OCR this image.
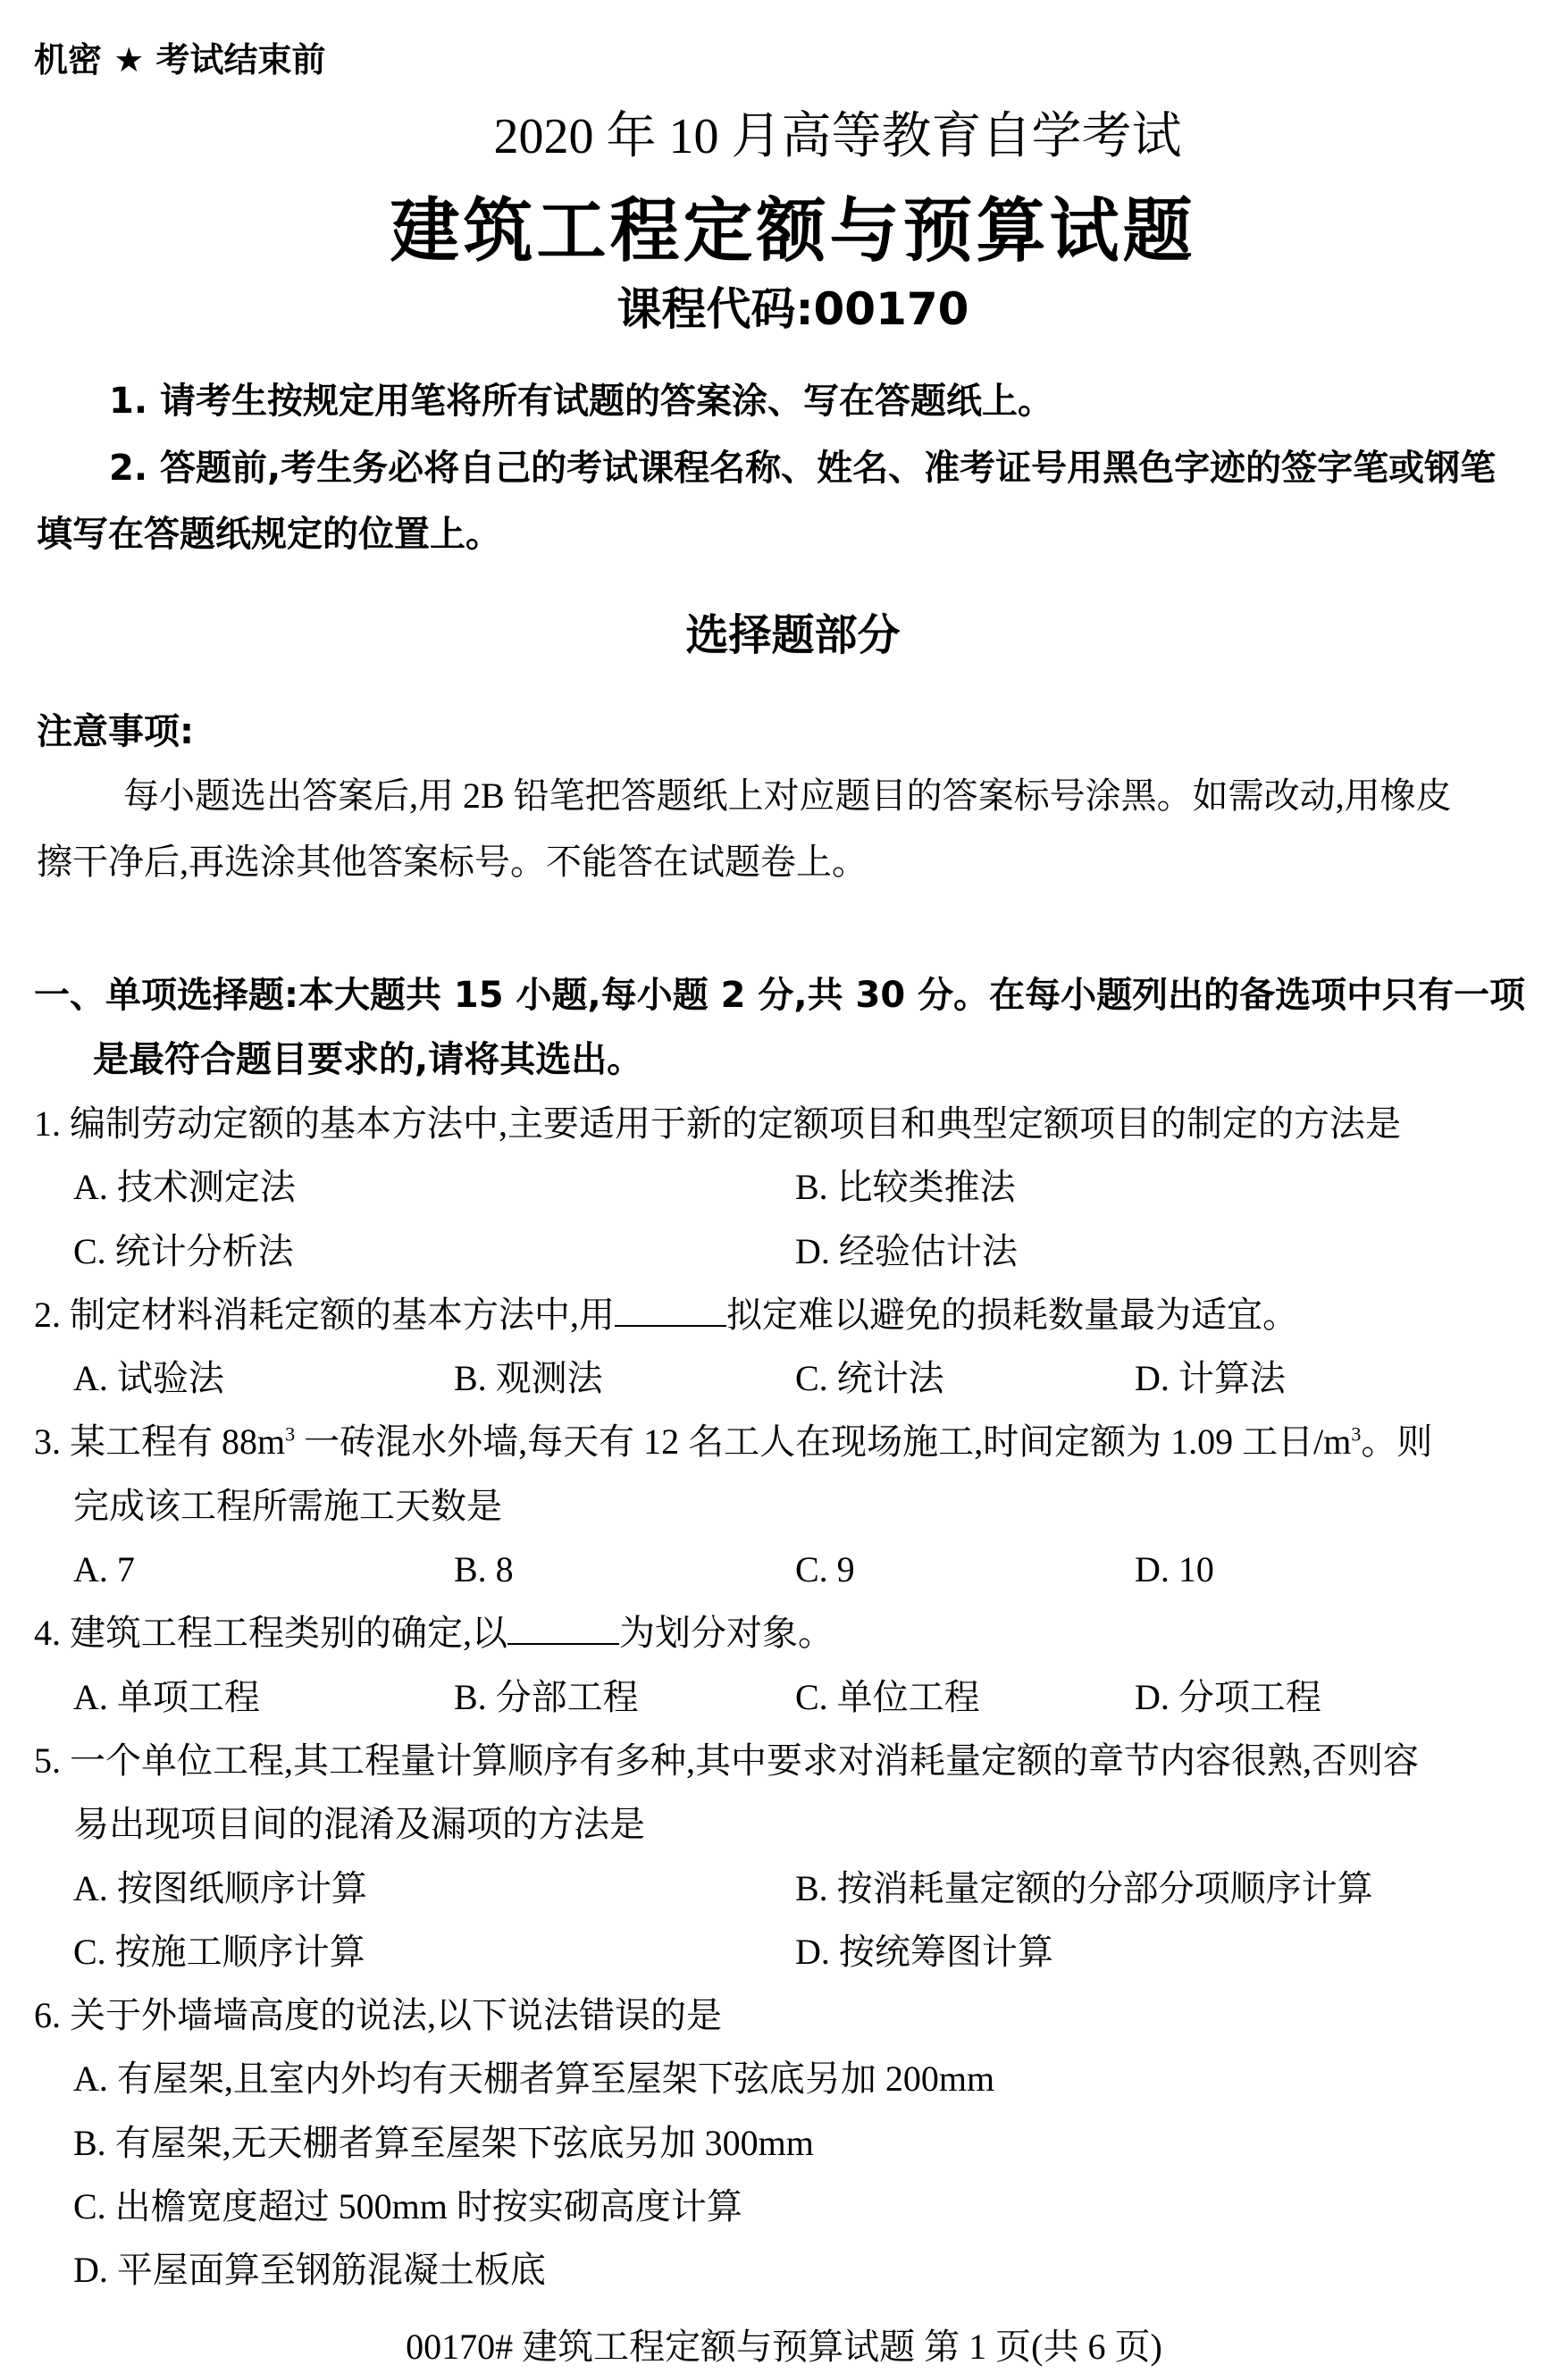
机密 ★ 考试结束前
2020 年 10 月高等教育自学考试
建筑工程定额与预算试题
课程代码:00170
1. 请考生按规定用笔将所有试题的答案涂、写在答题纸上。
2. 答题前,考生务必将自己的考试课程名称、姓名、准考证号用黑色字迹的签字笔或钢笔
填写在答题纸规定的位置上。
选择题部分
注意事项:
每小题选出答案后,用 2B 铅笔把答题纸上对应题目的答案标号涂黑。如需改动,用橡皮
擦干净后,再选涂其他答案标号。不能答在试题卷上。
一、单项选择题:本大题共 15 小题,每小题 2 分,共 30 分。在每小题列出的备选项中只有一项
是最符合题目要求的,请将其选出。
1. 编制劳动定额的基本方法中,主要适用于新的定额项目和典型定额项目的制定的方法是
A. 技术测定法	B. 比较类推法
C. 统计分析法	D. 经验估计法
2. 制定材料消耗定额的基本方法中,用	拟定难以避免的损耗数量最为适宜。
A. 试验法	B. 观测法	C. 统计法	D. 计算法
3. 某工程有 $88m^3$ 一砖混水外墙,每天有 12 名工人在现场施工,时间定额为 1.09 工日$/m^3$。则
完成该工程所需施工天数是
A. 7	B. 8	C. 9	D. 10
4. 建筑工程工程类别的确定,以	为划分对象。
A. 单项工程	B. 分部工程	C. 单位工程	D. 分项工程
5. 一个单位工程,其工程量计算顺序有多种,其中要求对消耗量定额的章节内容很熟,否则容
易出现项目间的混淆及漏项的方法是
A. 按图纸顺序计算	B. 按消耗量定额的分部分项顺序计算
C. 按施工顺序计算	D. 按统筹图计算
6. 关于外墙墙高度的说法,以下说法错误的是
A. 有屋架,且室内外均有天棚者算至屋架下弦底另加 200mm
B. 有屋架,无天棚者算至屋架下弦底另加 300mm
C. 出檐宽度超过 500mm 时按实砌高度计算
D. 平屋面算至钢筋混凝土板底
00170# 建筑工程定额与预算试题 第 1 页(共 6 页)
